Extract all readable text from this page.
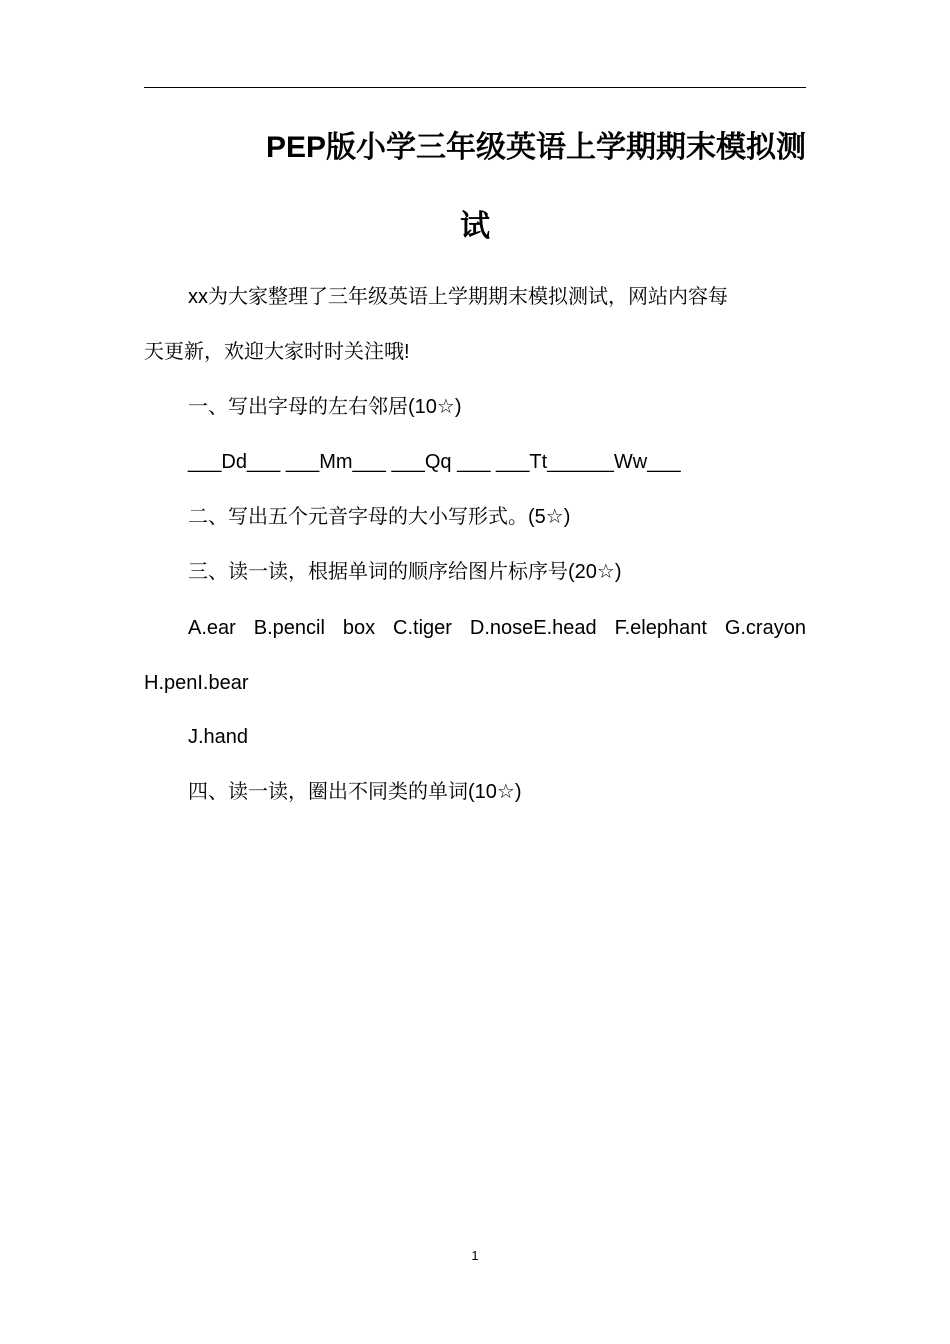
PEP版小学三年级英语上学期期末模拟测
试

xx为大家整理了三年级英语上学期期末模拟测试，网站内容每

天更新，欢迎大家时时关注哦!

一、写出字母的左右邻居(10☆)

___Dd___ ___Mm___ ___Qq ___ ___Tt______Ww___

二、写出五个元音字母的大小写形式。(5☆)

三、读一读，根据单词的顺序给图片标序号(20☆)

A.ear B.pencil box C.tiger D.noseE.head F.elephant G.crayon

H.penI.bear

J.hand

四、读一读，圈出不同类的单词(10☆)

1
